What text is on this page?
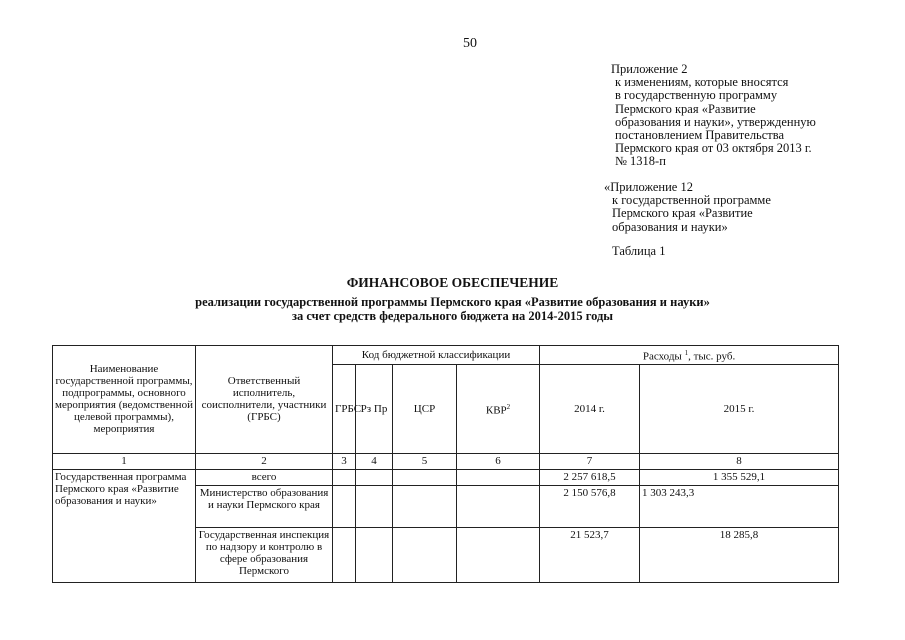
50
Приложение 2
к изменениям, которые вносятся
в государственную программу
Пермского края «Развитие
образования и науки», утвержденную
постановлением Правительства
Пермского края от 03 октября 2013 г.
№ 1318-п
«Приложение 12
к государственной программе
Пермского края «Развитие
образования и науки»
Таблица 1
ФИНАНСОВОЕ ОБЕСПЕЧЕНИЕ
реализации государственной программы Пермского края «Развитие образования и науки»
за счет средств федерального бюджета на 2014-2015 годы
Наименование государственной программы, подпрограммы, основного мероприятия (ведомственной целевой программы), мероприятия	Ответственный исполнитель, соисполнители, участники (ГРБС)	Код бюджетной классификации				Расходы $^1$, тыс. руб.	
		ГРБС	Рз Пр	ЦСР	КВР$^2$	2014 г.	2015 г.
1	2	3	4	5	6	7	8
Государственная программа Пермского края «Развитие образования и науки»	всего					2 257 618,5	1 355 529,1
	Министерство образования и науки Пермского края					2 150 576,8	1 303 243,3
	Государственная инспекция по надзору и контролю в сфере образования Пермского					21 523,7	18 285,8
